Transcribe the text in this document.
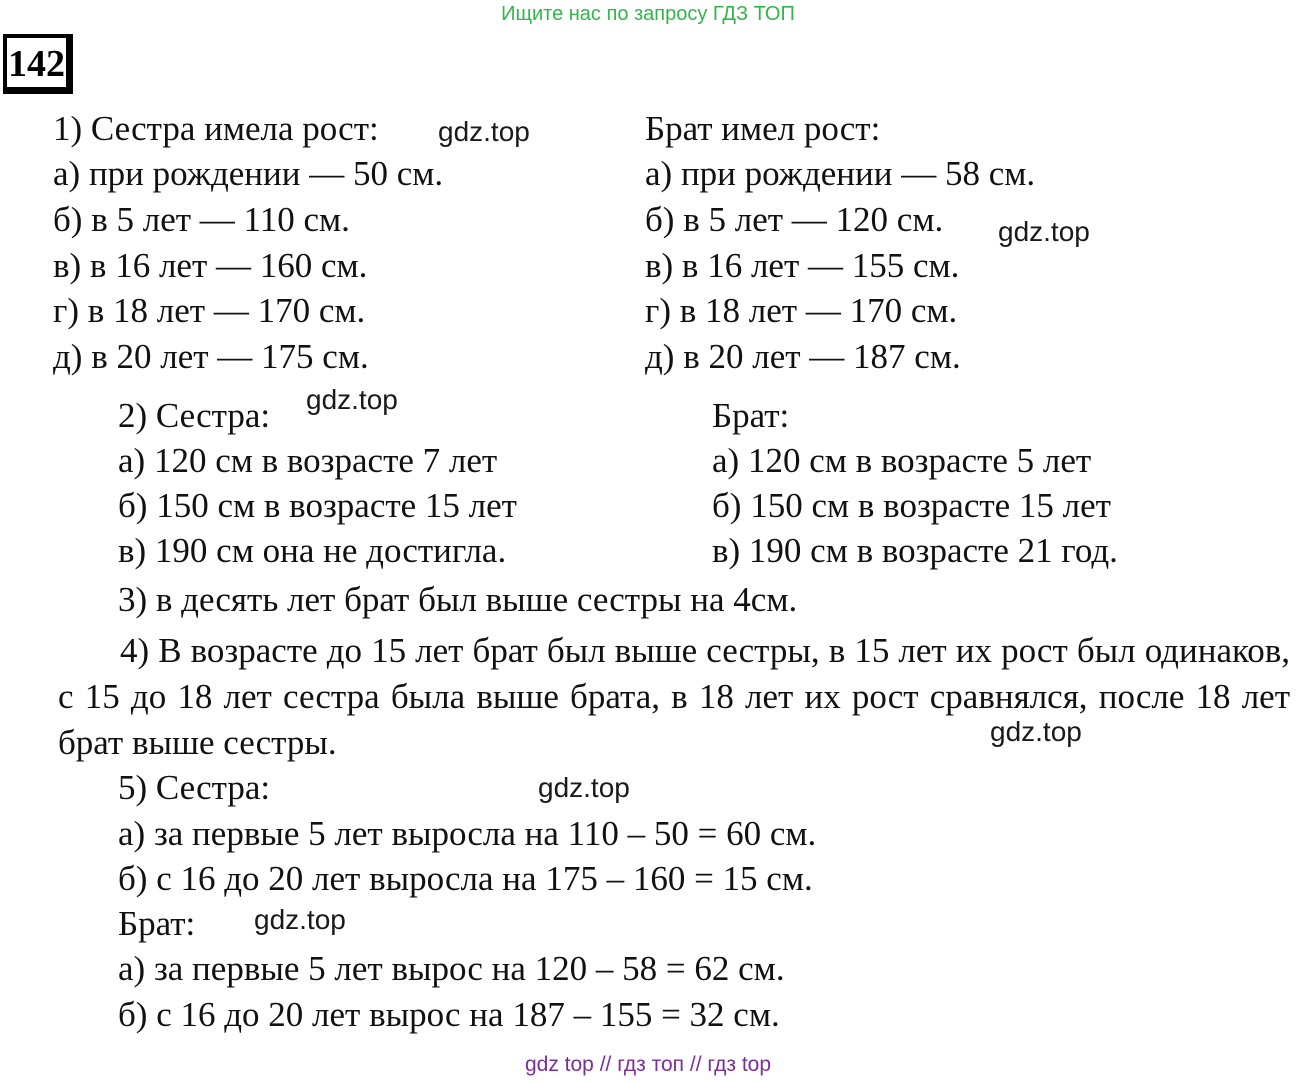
Ищите нас по запросу ГДЗ ТОП
142
1) Сестра имела рост:
а) при рождении — 50 см.
б) в 5 лет — 110 см.
в) в 16 лет — 160 см.
г) в 18 лет — 170 см.
д) в 20 лет — 175 см.
Брат имел рост:
а) при рождении — 58 см.
б) в 5 лет — 120 см.
в) в 16 лет — 155 см.
г) в 18 лет — 170 см.
д) в 20 лет — 187 см.
2) Сестра:
а) 120 см в возрасте 7 лет
б) 150 см в возрасте 15 лет
в) 190 см она не достигла.
Брат:
а) 120 см в возрасте 5 лет
б) 150 см в возрасте 15 лет
в) 190 см в возрасте 21 год.
3) в десять лет брат был выше сестры на 4см.
4) В возрасте до 15 лет брат был выше сестры, в 15 лет их рост был одинаков, с 15 до 18 лет сестра была выше брата, в 18 лет их рост сравнялся, после 18 лет брат выше сестры.
5) Сестра:
а) за первые 5 лет выросла на 110 – 50 = 60 см.
б) с 16 до 20 лет выросла на 175 – 160 = 15 см.
Брат:
а) за первые 5 лет вырос на 120 – 58 = 62 см.
б) с 16 до 20 лет вырос на 187 – 155 = 32 см.
gdz.top
gdz.top
gdz.top
gdz.top
gdz.top
gdz.top
gdz top // гдз топ // гдз top
